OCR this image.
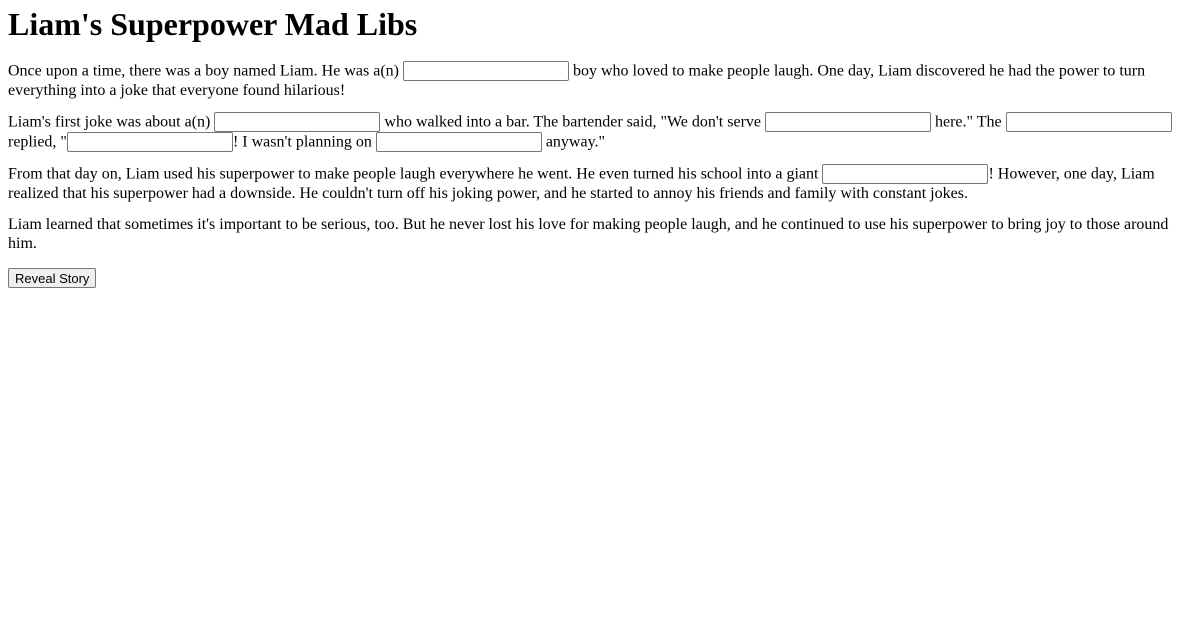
Liam's Superpower Mad Libs

Once upon a time, there was a boy named Liam. He was a(n)	boy who loved to make people laugh. One day, Liam discovered he had the power to turn everything into a joke that everyone found hilarious!

Liam's first joke was about a(n)	who walked into a bar. The bartender said, "We don't serve	here." The  replied, "	! I wasn't planning on	anyway."

From that day on, Liam used his superpower to make people laugh everywhere he went. He even turned his school into a giant	! However, one day, Liam realized that his superpower had a downside. He couldn't turn off his joking power, and he started to annoy his friends and family with constant jokes.

Liam learned that sometimes it's important to be serious, too. But he never lost his love for making people laugh, and he continued to use his superpower to bring joy to those around him.

Reveal Story
